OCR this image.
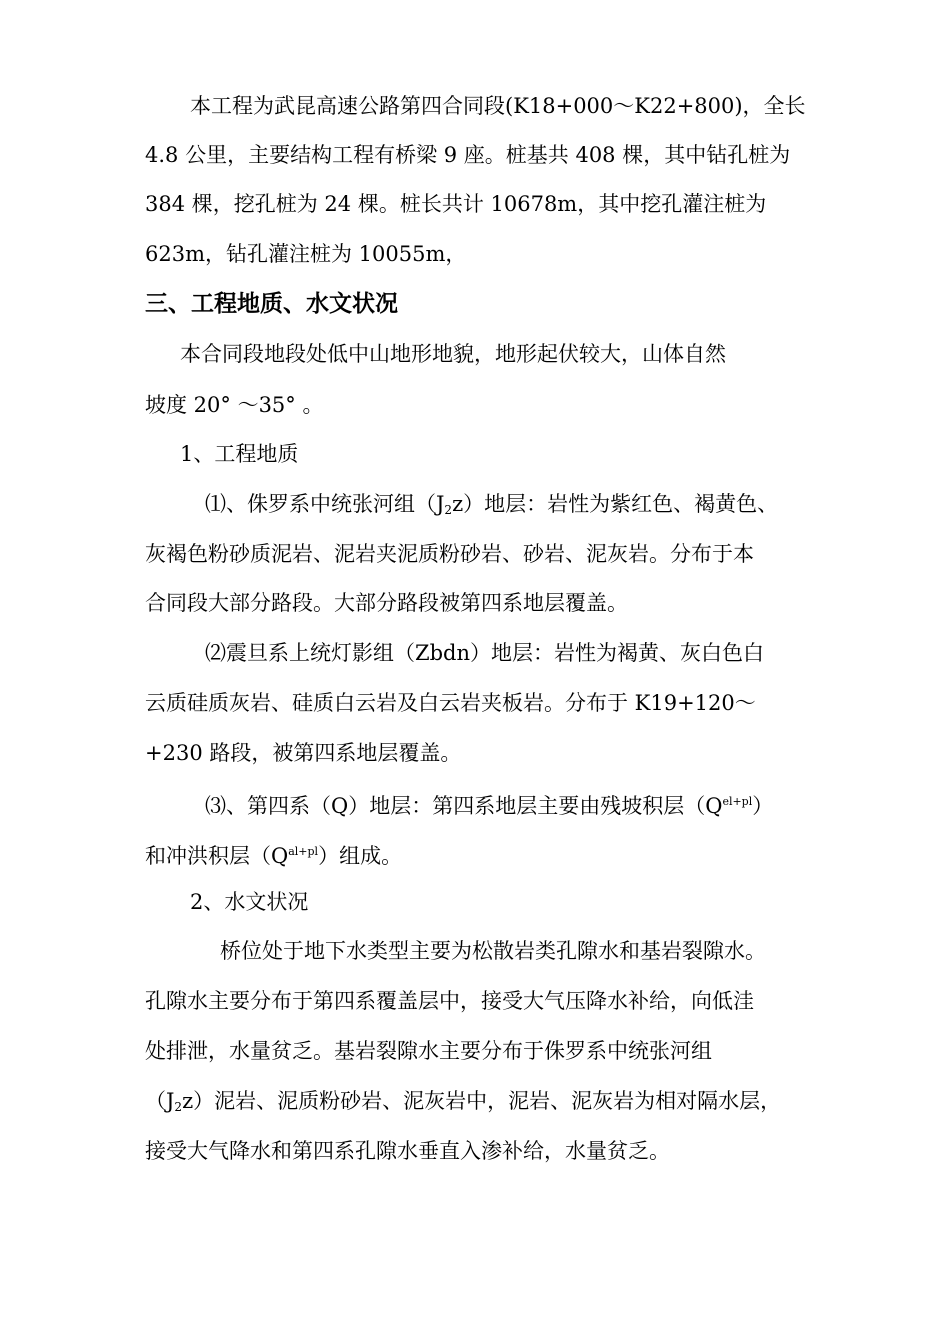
本工程为武昆高速公路第四合同段(K18+000～K22+800)，全长
4.8 公里，主要结构工程有桥梁 9 座。桩基共 408 棵，其中钻孔桩为
384 棵，挖孔桩为 24 棵。桩长共计 10678m，其中挖孔灌注桩为
623m，钻孔灌注桩为 10055m，
三、工程地质、水文状况
本合同段地段处低中山地形地貌，地形起伏较大，山体自然
坡度 20° ～35° 。
1、工程地质
⑴、侏罗系中统张河组$(J_2z)$地层：岩性为紫红色、褐黄色、
灰褐色粉砂质泥岩、泥岩夹泥质粉砂岩、砂岩、泥灰岩。分布于本
合同段大部分路段。大部分路段被第四系地层覆盖。
⑵震旦系上统灯影组（Zbdn）地层：岩性为褐黄、灰白色白
云质硅质灰岩、硅质白云岩及白云岩夹板岩。分布于 K19+120～
+230 路段，被第四系地层覆盖。
⑶、第四系（Q）地层：第四系地层主要由残坡积层$(Q^{el+pl})$
和冲洪积层$(Q^{al+pl})$组成。
2、水文状况
桥位处于地下水类型主要为松散岩类孔隙水和基岩裂隙水。
孔隙水主要分布于第四系覆盖层中，接受大气压降水补给，向低洼
处排泄，水量贫乏。基岩裂隙水主要分布于侏罗系中统张河组
$(J_2z)$泥岩、泥质粉砂岩、泥灰岩中，泥岩、泥灰岩为相对隔水层，
接受大气降水和第四系孔隙水垂直入渗补给，水量贫乏。
